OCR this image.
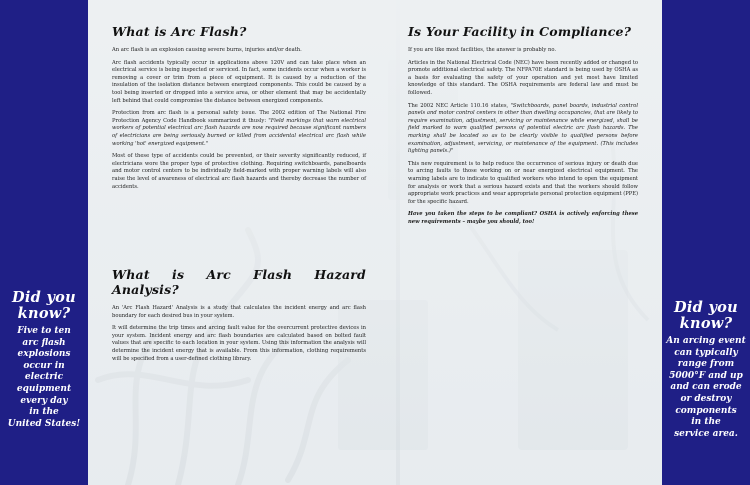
Did you
know?
Five to ten
arc flash
explosions
occur in
electric
equipment
every day
in the
United States!
What is Arc Flash?

An arc flash is an explosion causing severe burns, injuries and/or death.

Arc flash accidents typically occur in applications above 120V and can take place when an electrical service is being inspected or serviced. In fact, some incidents occur when a worker is removing a cover or trim from a piece of equipment. It is caused by a reduction of the insulation of the isolation distance between energized components. This could be caused by a tool being inserted or dropped into a service area, or other element that may be accidentally left behind that could compromise the distance between energized components.

Protection from arc flash is a personal safety issue. The 2002 edition of The National Fire Protection Agency Code Handbook summarized it thusly: "Field markings that warn electrical workers of potential electrical arc flash hazards are now required because significant numbers of electricians are being seriously burned or killed from accidental electrical arc flash while working 'hot' energized equipment."

Most of these type of accidents could be prevented, or their severity significantly reduced, if electricians wore the proper type of protective clothing. Requiring switchboards, panelboards and motor control centers to be individually field-marked with proper warning labels will also raise the level of awareness of electrical arc flash hazards and thereby decrease the number of accidents.

What is Arc Flash Hazard Analysis?

An 'Arc Flash Hazard' Analysis is a study that calculates the incident energy and arc flash boundary for each desired bus in your system.

It will determine the trip times and arcing fault value for the overcurrent protective devices in your system. Incident energy and arc flash boundaries are calculated based on bolted fault values that are specific to each location in your system. Using this information the analysis will determine the incident energy that is available. From this information, clothing requirements will be specified from a user-defined clothing library.

Is Your Facility in Compliance?

If you are like most facilities, the answer is probably no.

Articles in the National Electrical Code (NEC) have been recently added or changed to promote additional electrical safety. The NFPA70E standard is being used by OSHA as a basis for evaluating the safety of your operation and yet most have limited knowledge of this standard. The OSHA requirements are federal law and must be followed.

The 2002 NEC Article 110.16 states, "Switchboards, panel boards, industrial control panels and motor control centers in other than dwelling occupancies, that are likely to require examination, adjustment, servicing or maintenance while energized, shall be field marked to warn qualified persons of potential electric arc flash hazards. The marking shall be located so as to be clearly visible to qualified persons before examination, adjustment, servicing, or maintenance of the equipment. (This includes lighting panels.)"

This new requirement is to help reduce the occurrence of serious injury or death due to arcing faults to those working on or near energized electrical equipment. The warning labels are to indicate to qualified workers who intend to open the equipment for analysis or work that a serious hazard exists and that the workers should follow appropriate work practices and wear appropriate personal protection equipment (PPE) for the specific hazard.

Have you taken the steps to be compliant? OSHA is actively enforcing these new requirements – maybe you should, too!

Did you
know?
An arcing event
can typically
range from
5000°F and up
and can erode
or destroy
components
in the
service area.
